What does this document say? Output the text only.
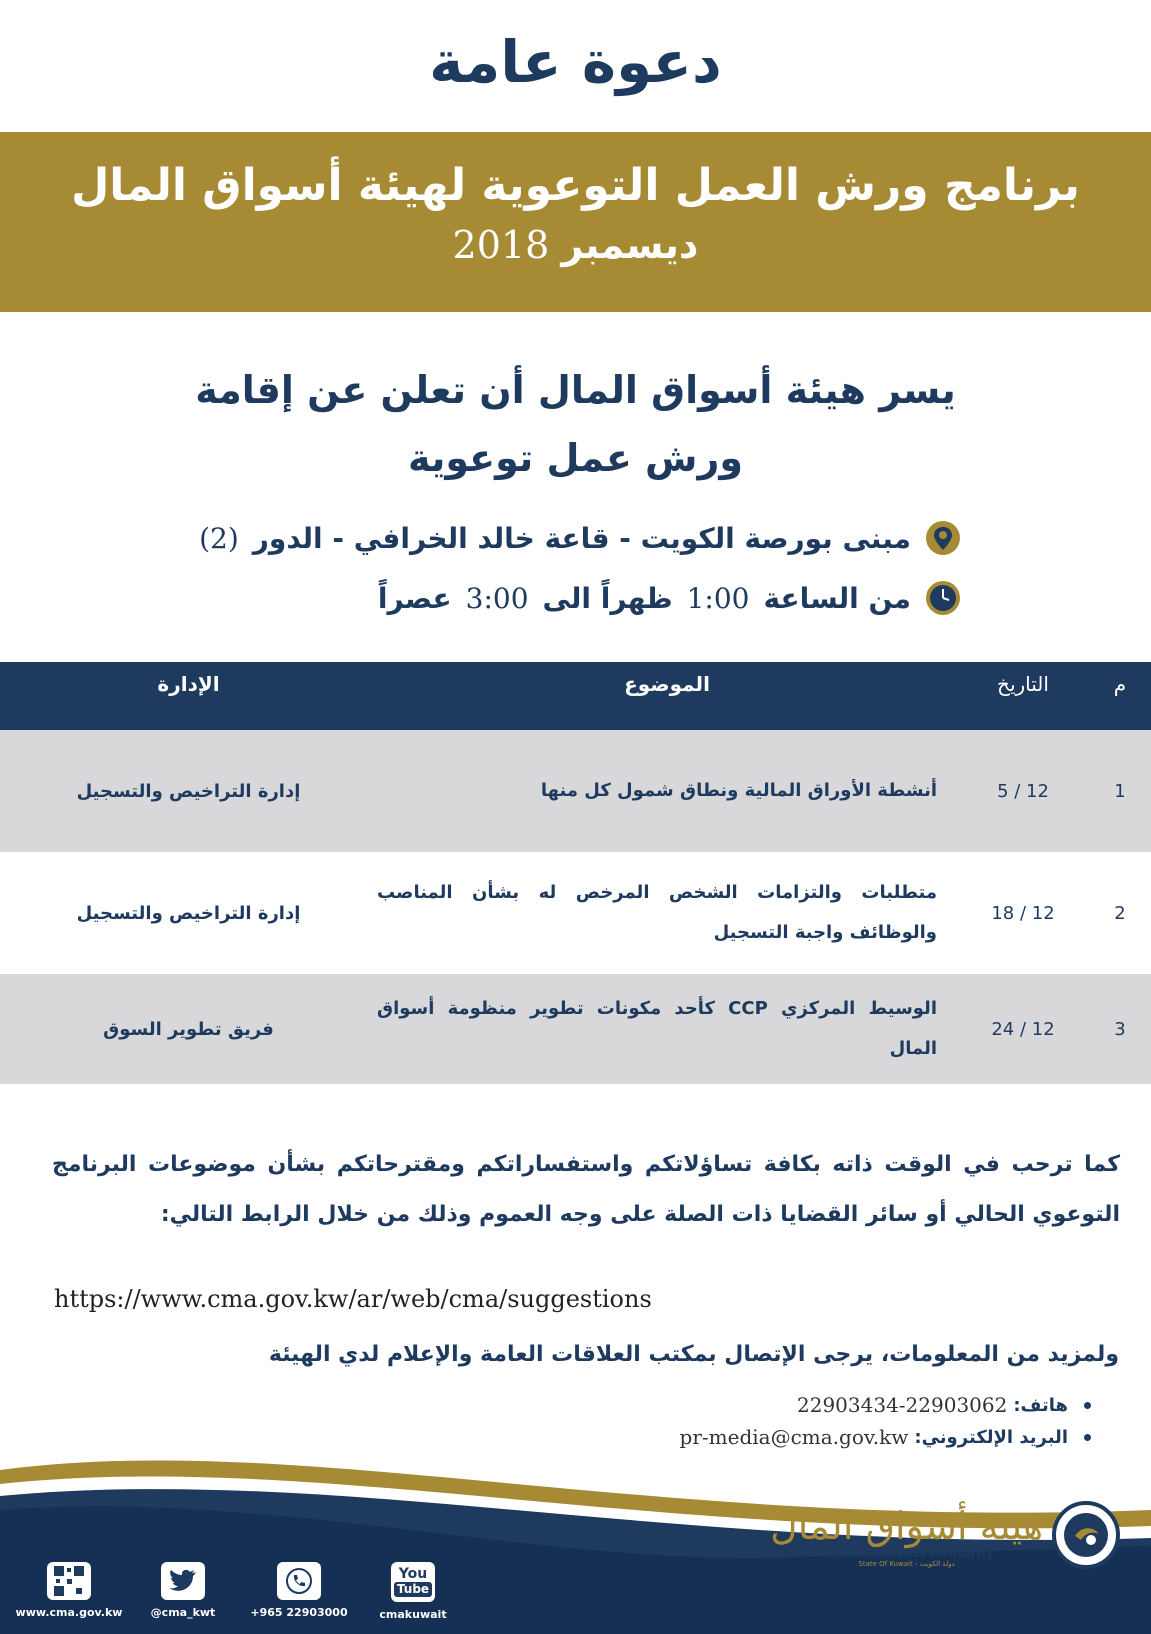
دعوة عامة
برنامج ورش العمل التوعوية لهيئة أسواق المال
ديسمبر 2018
يسر هيئة أسواق المال أن تعلن عن إقامة
ورش عمل توعوية
مبنى بورصة الكويت - قاعة خالد الخرافي - الدور
(2)
من الساعة
1:00
ظهراً الى
3:00
عصراً
م	التاريخ	الموضوع	الإدارة
1	12 / 5	أنشطة الأوراق المالية ونطاق شمول كل منها	إدارة التراخيص والتسجيل
2	12 / 18	متطلبات والتزامات الشخص المرخص له بشأن المناصب والوظائف واجبة التسجيل	إدارة التراخيص والتسجيل
3	12 / 24	الوسيط المركزي CCP كأحد مكونات تطوير منظومة أسواق المال	فريق تطوير السوق
كما ترحب في الوقت ذاته بكافة تساؤلاتكم واستفساراتكم ومقترحاتكم بشأن موضوعات البرنامج التوعوي الحالي أو سائر القضايا ذات الصلة على وجه العموم وذلك من خلال الرابط التالي:
https://www.cma.gov.kw/ar/web/cma/suggestions
ولمزيد من المعلومات، يرجى الإتصال بمكتب العلاقات العامة والإعلام لدي الهيئة
هاتف:
22903434-22903062
البريد الإلكتروني:
pr-media@cma.gov.kw
هيئة أسواق المال
Capital Markets Authority
State Of Kuwait - دولة الكويت
www.cma.gov.kw	@cma_kwt	+965 22903000
You
Tube
cmakuwait
